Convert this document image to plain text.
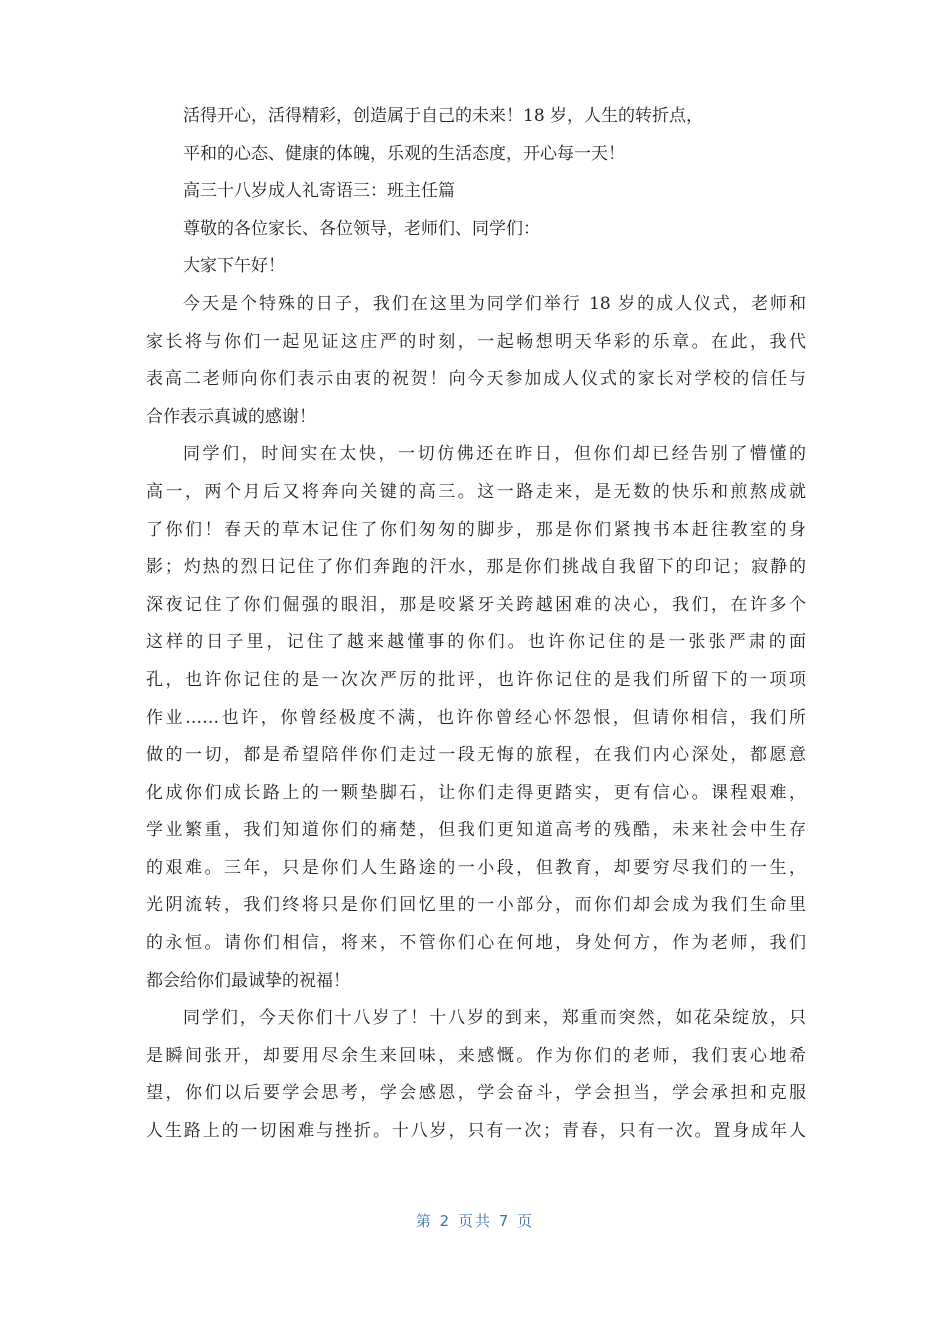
活得开心，活得精彩，创造属于自己的未来！18 岁，人生的转折点，
平和的心态、健康的体魄，乐观的生活态度，开心每一天！
高三十八岁成人礼寄语三：班主任篇
尊敬的各位家长、各位领导，老师们、同学们：
大家下午好！
今天是个特殊的日子，我们在这里为同学们举行 18 岁的成人仪式，老师和
家长将与你们一起见证这庄严的时刻，一起畅想明天华彩的乐章。在此，我代
表高二老师向你们表示由衷的祝贺！向今天参加成人仪式的家长对学校的信任与
合作表示真诚的感谢！
同学们，时间实在太快，一切仿佛还在昨日，但你们却已经告别了懵懂的
高一，两个月后又将奔向关键的高三。这一路走来，是无数的快乐和煎熬成就
了你们！春天的草木记住了你们匆匆的脚步，那是你们紧拽书本赶往教室的身
影；灼热的烈日记住了你们奔跑的汗水，那是你们挑战自我留下的印记；寂静的
深夜记住了你们倔强的眼泪，那是咬紧牙关跨越困难的决心，我们，在许多个
这样的日子里，记住了越来越懂事的你们。也许你记住的是一张张严肃的面
孔，也许你记住的是一次次严厉的批评，也许你记住的是我们所留下的一项项
作业……也许，你曾经极度不满，也许你曾经心怀怨恨，但请你相信，我们所
做的一切，都是希望陪伴你们走过一段无悔的旅程，在我们内心深处，都愿意
化成你们成长路上的一颗垫脚石，让你们走得更踏实，更有信心。课程艰难，
学业繁重，我们知道你们的痛楚，但我们更知道高考的残酷，未来社会中生存
的艰难。三年，只是你们人生路途的一小段，但教育，却要穷尽我们的一生，
光阴流转，我们终将只是你们回忆里的一小部分，而你们却会成为我们生命里
的永恒。请你们相信，将来，不管你们心在何地，身处何方，作为老师，我们
都会给你们最诚挚的祝福！
同学们，今天你们十八岁了！十八岁的到来，郑重而突然，如花朵绽放，只
是瞬间张开，却要用尽余生来回味，来感慨。作为你们的老师，我们衷心地希
望，你们以后要学会思考，学会感恩，学会奋斗，学会担当，学会承担和克服
人生路上的一切困难与挫折。十八岁，只有一次；青春，只有一次。置身成年人
第 2 页共 7 页
